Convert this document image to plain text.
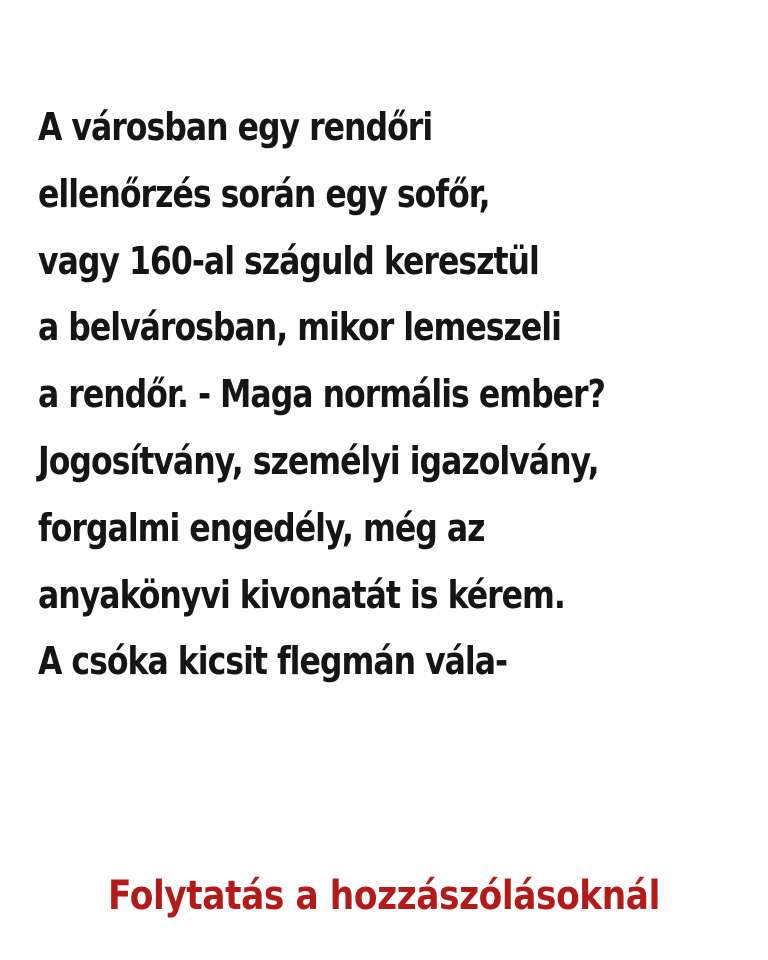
A városban egy rendőri
ellenőrzés során egy sofőr,
vagy 160-al száguld keresztül
a belvárosban, mikor lemeszeli
a rendőr. - Maga normális ember?
Jogosítvány, személyi igazolvány,
forgalmi engedély, még az
anyakönyvi kivonatát is kérem.
A csóka kicsit flegmán vála-
Folytatás a hozzászólásoknál
